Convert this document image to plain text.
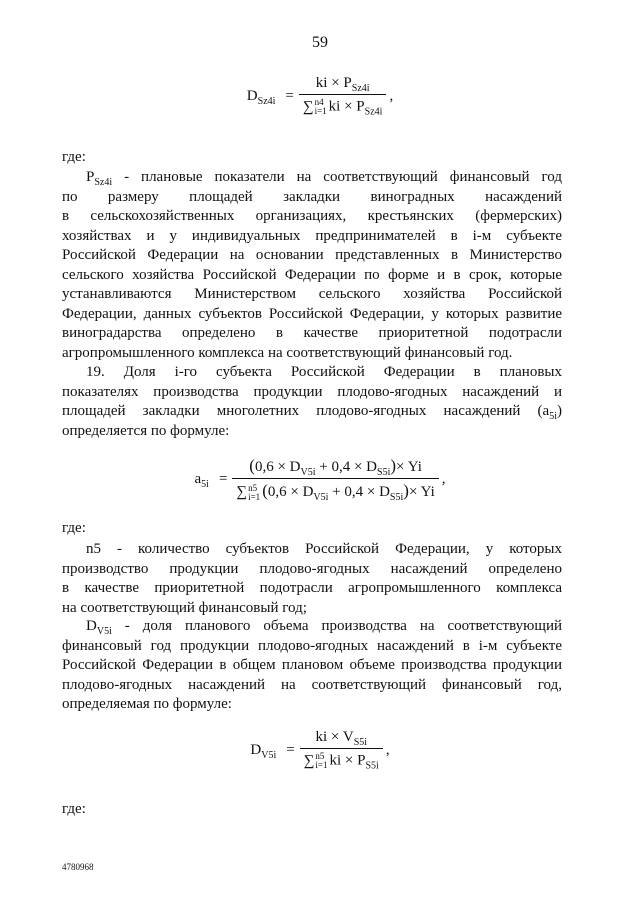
59
$D_{Sz4i}$ = ki × $P_{Sz4i}$
∑ n4
i=1 ki × $P_{Sz4i}$ ,

где:

$P_{Sz4i}$ - плановые показатели на соответствующий финансовый год

по размеру площадей закладки виноградных насаждений

в сельскохозяйственных организациях, крестьянских (фермерских)

хозяйствах и у индивидуальных предпринимателей в i-м субъекте

Российской Федерации на основании представленных в Министерство

сельского хозяйства Российской Федерации по форме и в срок, которые

устанавливаются Министерством сельского хозяйства Российской

Федерации, данных субъектов Российской Федерации, у которых развитие

виноградарства определено в качестве приоритетной подотрасли

агропромышленного комплекса на соответствующий финансовый год.

19. Доля i-го субъекта Российской Федерации в плановых

показателях производства продукции плодово-ягодных насаждений и

площадей закладки многолетних плодово-ягодных насаждений $(a_{5i})$

определяется по формуле:

$a_{5i} = (0,6 \times D_{V5i} + 0,4 \times D_{S5i})\times Yi$
∑ n5
i=1 $(0,6 \times D_{V5i} + 0,4 \times D_{S5i})\times Yi$ ,

где:

n5 - количество субъектов Российской Федерации, у которых

производство продукции плодово-ягодных насаждений определено

в качестве приоритетной подотрасли агропромышленного комплекса

на соответствующий финансовый год;

$D_{V5i}$ - доля планового объема производства на соответствующий

финансовый год продукции плодово-ягодных насаждений в i-м субъекте

Российской Федерации в общем плановом объеме производства продукции

плодово-ягодных насаждений на соответствующий финансовый год,

определяемая по формуле:

$D_{V5i}$ = ki × $V_{S5i}$
∑ n5
i=1 ki × $P_{S5i}$ ,

где:

4780968
